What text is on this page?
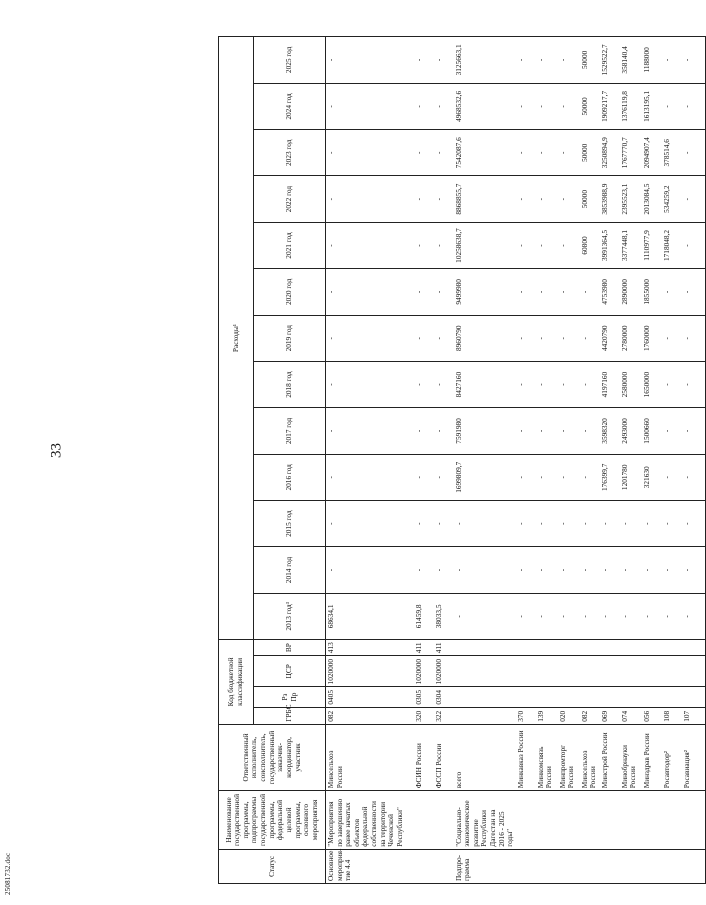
33
25081732.doc	Статус	Наименование государственной программы, подпрограммы государственной программы, федеральной целевой программы, основного мероприятия	Ответственный исполнитель, соисполнитель, государственный заказчик-координатор, участник	Код бюджетной классификации				Расходы¹												
			ГРБС	Рз Пр	ЦСР	ВР	2013 год³	2014 год	2015 год	2016 год	2017 год	2018 год	2019 год	2020 год	2021 год	2022 год	2023 год	2024 год	2025 год
Основное мероприя- тие 4.4	"Мероприятия по завершению ранее начатых объектов федеральной собственности на территории Чеченской Республики"	Минсельхоз России	082	0405	1020000	413	68634,1	-	-	-	-	-	-	-	-	-	-	-	-
		ФСИН России	320	0305	1020000	411	61459,8	-	-	-	-	-	-	-	-	-	-	-	-
		ФССП России	322	0304	1020000	411	38033,5	-	-	-	-	-	-	-	-	-	-	-	-
Подпро- грамма	"Социально-экономическое развитие Республики Дагестан на 2016 - 2025 годы"	всего					-	-	-	1699809,7	7591980	8427160	8960790	9499980	10258638,7	8868855,7	7542087,6	4968532,6	3125663,1
		Минкавказ России	370				-	-	-	-	-	-	-	-	-	-	-	-	-
		Минкомсвязь России	139				-	-	-	-	-	-	-	-	-	-	-	-	-
		Минпромторг России	020				-	-	-	-	-	-	-	-	-	-	-	-	-
		Минсельхоз России	082				-	-	-	-	-	-	-	-	60800	50000	50000	50000	50000
		Минстрой России	069				-	-	-	176399,7	3598320	4197160	4420790	4753980	3991364,5	3853988,9	3250894,9	1909217,7	1529522,7
		Минобрнауки России	074				-	-	-	1201780	2493000	2580000	2780000	2890000	3377448,1	2395523,1	1767770,7	1376119,8	358140,4
		Минздрав России	056				-	-	-	321630	1500660	1650000	1760000	1855000	1110977,9	2013084,5	2094907,4	1613195,1	1188000
		Росавтодор²	108				-	-	-	-	-	-	-	-	1718048,2	534259,2	378514,6	-	-
		Росавиация²	107				-	-	-	-	-	-	-	-	-	-	-	-	-
